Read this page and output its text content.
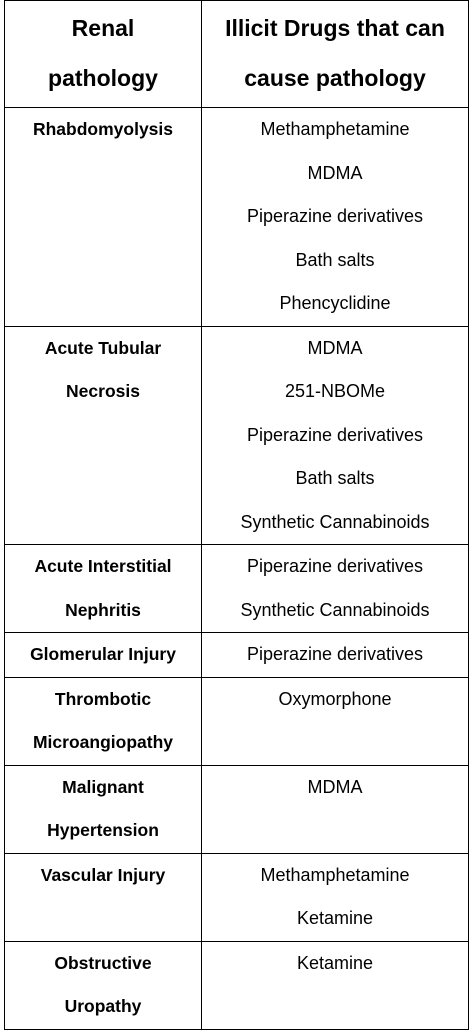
Renal
pathology	Illicit Drugs that can
cause pathology

Rhabdomyolysis	Methamphetamine
MDMA
Piperazine derivatives
Bath salts
Phencyclidine

Acute Tubular
Necrosis	MDMA
251-NBOMe
Piperazine derivatives
Bath salts
Synthetic Cannabinoids

Acute Interstitial
Nephritis	Piperazine derivatives
Synthetic Cannabinoids

Glomerular Injury	Piperazine derivatives

Thrombotic
Microangiopathy	Oxymorphone

Malignant
Hypertension	MDMA

Vascular Injury	Methamphetamine
Ketamine

Obstructive
Uropathy	Ketamine
